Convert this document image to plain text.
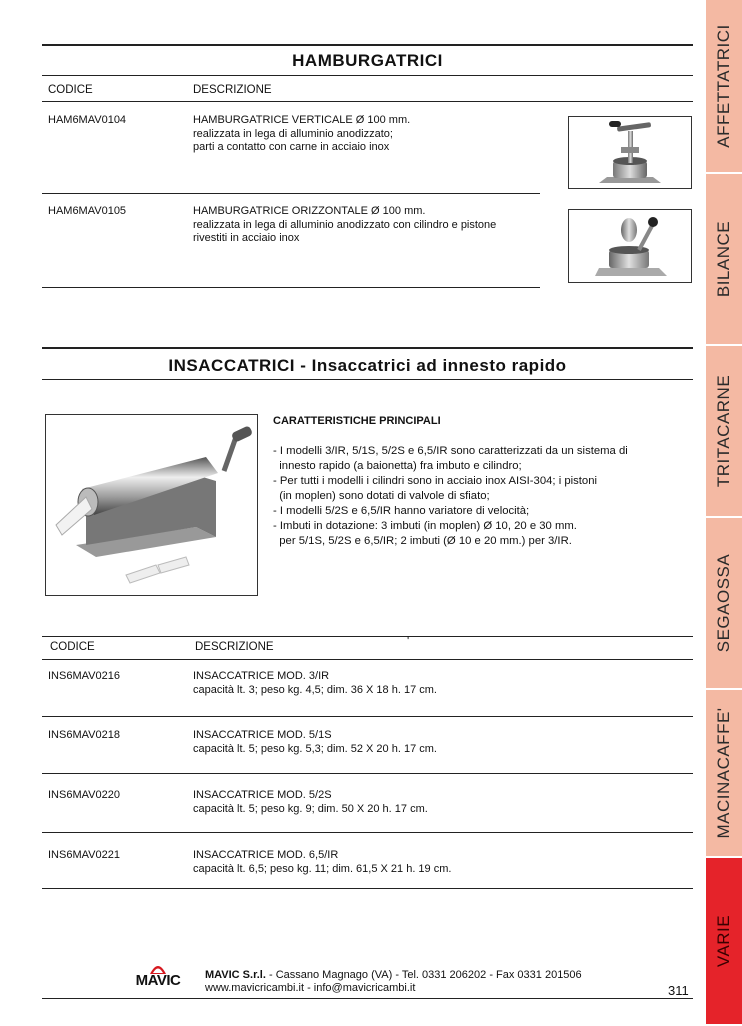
AFFETTATRICI
BILANCE
TRITACARNE
SEGAOSSA
MACINACAFFE'
VARIE
HAMBURGATRICI
CODICE	DESCRIZIONE
HAM6MAV0104	HAMBURGATRICE VERTICALE Ø 100 mm.
realizzata in lega di alluminio anodizzato;
parti a contatto con carne in acciaio inox
HAM6MAV0105	HAMBURGATRICE ORIZZONTALE Ø 100 mm.
realizzata in lega di alluminio anodizzato con cilindro e pistone
rivestiti in acciaio inox
INSACCATRICI - Insaccatrici ad innesto rapido
CARATTERISTICHE PRINCIPALI
- I modelli 3/IR, 5/1S, 5/2S e 6,5/IR sono caratterizzati da un sistema di
innesto rapido (a baionetta) fra imbuto e cilindro;
- Per tutti i modelli i cilindri sono in acciaio inox AISI-304; i pistoni
(in moplen) sono dotati di valvole di sfiato;
- I modelli 5/2S e 6,5/IR hanno variatore di velocità;
- Imbuti in dotazione: 3 imbuti (in moplen) Ø 10, 20 e 30 mm.
per 5/1S, 5/2S e 6,5/IR; 2 imbuti (Ø 10 e 20 mm.) per 3/IR.
CODICE	DESCRIZIONE	'
INS6MAV0216	INSACCATRICE MOD. 3/IR
capacità lt. 3; peso kg. 4,5; dim. 36 X 18 h. 17 cm.
INS6MAV0218	INSACCATRICE MOD. 5/1S
capacità lt. 5; peso kg. 5,3; dim. 52 X 20 h. 17 cm.
INS6MAV0220	INSACCATRICE MOD. 5/2S
capacità lt. 5; peso kg. 9; dim. 50 X 20 h. 17 cm.
INS6MAV0221	INSACCATRICE MOD. 6,5/IR
capacità lt. 6,5; peso kg. 11; dim. 61,5 X 21 h. 19 cm.
MAVIC	MAVIC S.r.l. - Cassano Magnago (VA) - Tel. 0331 206202 - Fax 0331 201506
www.mavicricambi.it - info@mavicricambi.it	311
